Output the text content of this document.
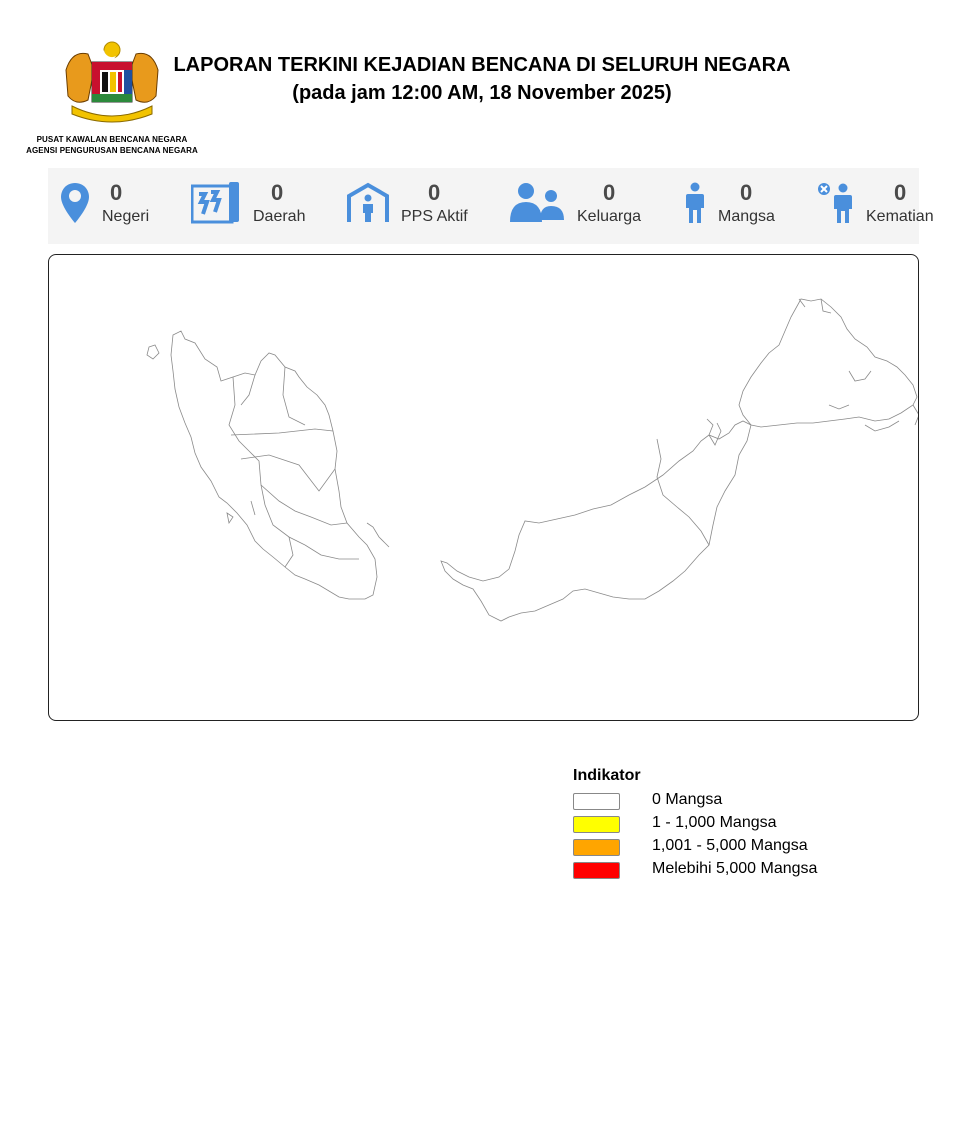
PUSAT KAWALAN BENCANA NEGARA
AGENSI PENGURUSAN BENCANA NEGARA
LAPORAN TERKINI KEJADIAN BENCANA DI SELURUH NEGARA
(pada jam 12:00 AM, 18 November 2025)
0
Negeri
0
Daerah
0
PPS Aktif
0
Keluarga
0
Mangsa
0
Kematian
Indikator
0 Mangsa
1 - 1,000 Mangsa
1,001 - 5,000 Mangsa
Melebihi 5,000 Mangsa
